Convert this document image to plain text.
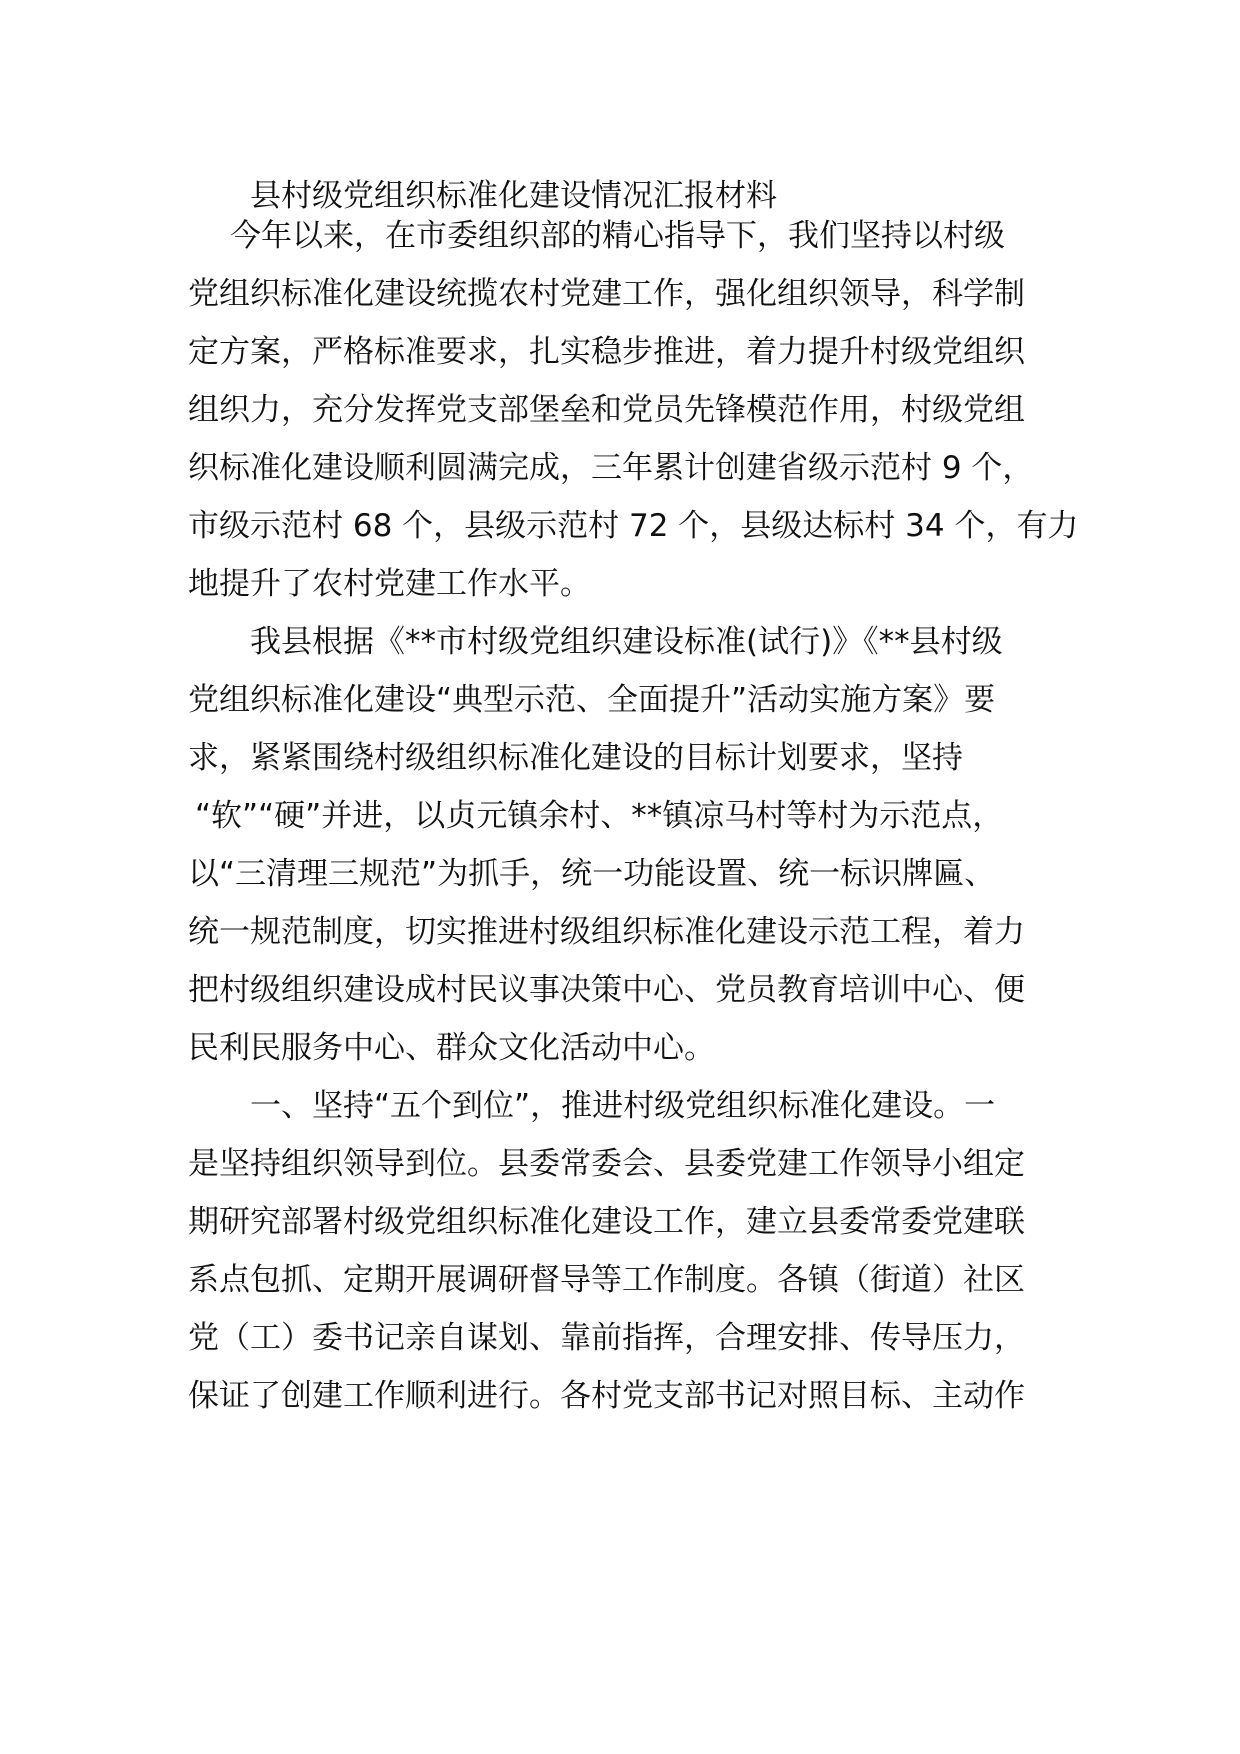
县村级党组织标准化建设情况汇报材料
今年以来，在市委组织部的精心指导下，我们坚持以村级
党组织标准化建设统揽农村党建工作，强化组织领导，科学制
定方案，严格标准要求，扎实稳步推进，着力提升村级党组织
组织力，充分发挥党支部堡垒和党员先锋模范作用，村级党组
织标准化建设顺利圆满完成，三年累计创建省级示范村 9 个，
市级示范村 68 个，县级示范村 72 个，县级达标村 34 个，有力
地提升了农村党建工作水平。
我县根据《**市村级党组织建设标准(试行)》《**县村级
党组织标准化建设“典型示范、全面提升”活动实施方案》要
求，紧紧围绕村级组织标准化建设的目标计划要求，坚持
“软”“硬”并进，以贞元镇余村、**镇凉马村等村为示范点，
以“三清理三规范”为抓手，统一功能设置、统一标识牌匾、
统一规范制度，切实推进村级组织标准化建设示范工程，着力
把村级组织建设成村民议事决策中心、党员教育培训中心、便
民利民服务中心、群众文化活动中心。
一、坚持“五个到位”，推进村级党组织标准化建设。一
是坚持组织领导到位。县委常委会、县委党建工作领导小组定
期研究部署村级党组织标准化建设工作，建立县委常委党建联
系点包抓、定期开展调研督导等工作制度。各镇（街道）社区
党（工）委书记亲自谋划、靠前指挥，合理安排、传导压力，
保证了创建工作顺利进行。各村党支部书记对照目标、主动作
